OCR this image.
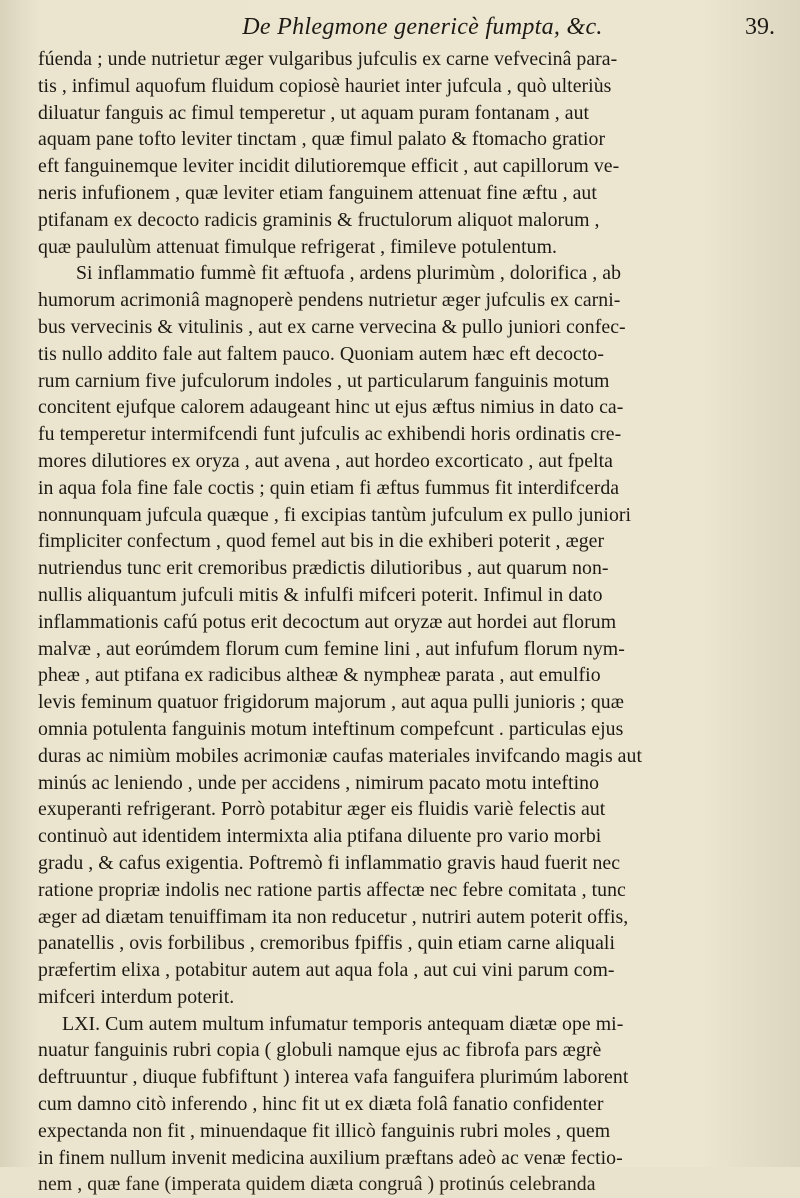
De Phlegmone genericè fumpta, &c.	39.
fúenda ; unde nutrietur æger vulgaribus jufculis ex carne vefvecinâ para-
tis , infimul aquofum fluidum copiosè hauriet inter jufcula , quò ulteriùs
diluatur fanguis ac fimul temperetur , ut aquam puram fontanam , aut
aquam pane tofto leviter tinctam , quæ fimul palato & ftomacho gratior
eft fanguinemque leviter incidit dilutioremque efficit , aut capillorum ve-
neris infufionem , quæ leviter etiam fanguinem attenuat fine æftu , aut
ptifanam ex decocto radicis graminis & fructulorum aliquot malorum ,
quæ paululùm attenuat fimulque refrigerat , fimileve potulentum.
Si inflammatio fummè fit æftuofa , ardens plurimùm , dolorifica , ab
humorum acrimoniâ magnoperè pendens nutrietur æger jufculis ex carni-
bus vervecinis & vitulinis , aut ex carne vervecina & pullo juniori confec-
tis nullo addito fale aut faltem pauco. Quoniam autem hæc eft decocto-
rum carnium five jufculorum indoles , ut particularum fanguinis motum
concitent ejufque calorem adaugeant hinc ut ejus æftus nimius in dato ca-
fu temperetur intermifcendi funt jufculis ac exhibendi horis ordinatis cre-
mores dilutiores ex oryza , aut avena , aut hordeo excorticato , aut fpelta
in aqua fola fine fale coctis ; quin etiam fi æftus fummus fit interdifcerda
nonnunquam jufcula quæque , fi excipias tantùm jufculum ex pullo juniori
fimpliciter confectum , quod femel aut bis in die exhiberi poterit , æger
nutriendus tunc erit cremoribus prædictis dilutioribus , aut quarum non-
nullis aliquantum jufculi mitis & infulfi mifceri poterit. Infimul in dato
inflammationis cafú potus erit decoctum aut oryzæ aut hordei aut florum
malvæ , aut eorúmdem florum cum femine lini , aut infufum florum nym-
pheæ , aut ptifana ex radicibus altheæ & nympheæ parata , aut emulfio
levis feminum quatuor frigidorum majorum , aut aqua pulli junioris ; quæ
omnia potulenta fanguinis motum inteftinum compefcunt . particulas ejus
duras ac nimiùm mobiles acrimoniæ caufas materiales invifcando magis aut
minús ac leniendo , unde per accidens , nimirum pacato motu inteftino
exuperanti refrigerant. Porrò potabitur æger eis fluidis variè felectis aut
continuò aut identidem intermixta alia ptifana diluente pro vario morbi
gradu , & cafus exigentia. Poftremò fi inflammatio gravis haud fuerit nec
ratione propriæ indolis nec ratione partis affectæ nec febre comitata , tunc
æger ad diætam tenuiffimam ita non reducetur , nutriri autem poterit offis,
panatellis , ovis forbilibus , cremoribus fpiffis , quin etiam carne aliquali
præfertim elixa , potabitur autem aut aqua fola , aut cui vini parum com-
mifceri interdum poterit.
LXI. Cum autem multum infumatur temporis antequam diætæ ope mi-
nuatur fanguinis rubri copia ( globuli namque ejus ac fibrofa pars ægrè
deftruuntur , diuque fubfiftunt ) interea vafa fanguifera plurimúm laborent
cum damno citò inferendo , hinc fit ut ex diæta folâ fanatio confidenter
expectanda non fit , minuendaque fit illicò fanguinis rubri moles , quem
in finem nullum invenit medicina auxilium præftans adeò ac venæ fectio-
nem , quæ fane (imperata quidem diæta congruâ ) protinús celebranda
